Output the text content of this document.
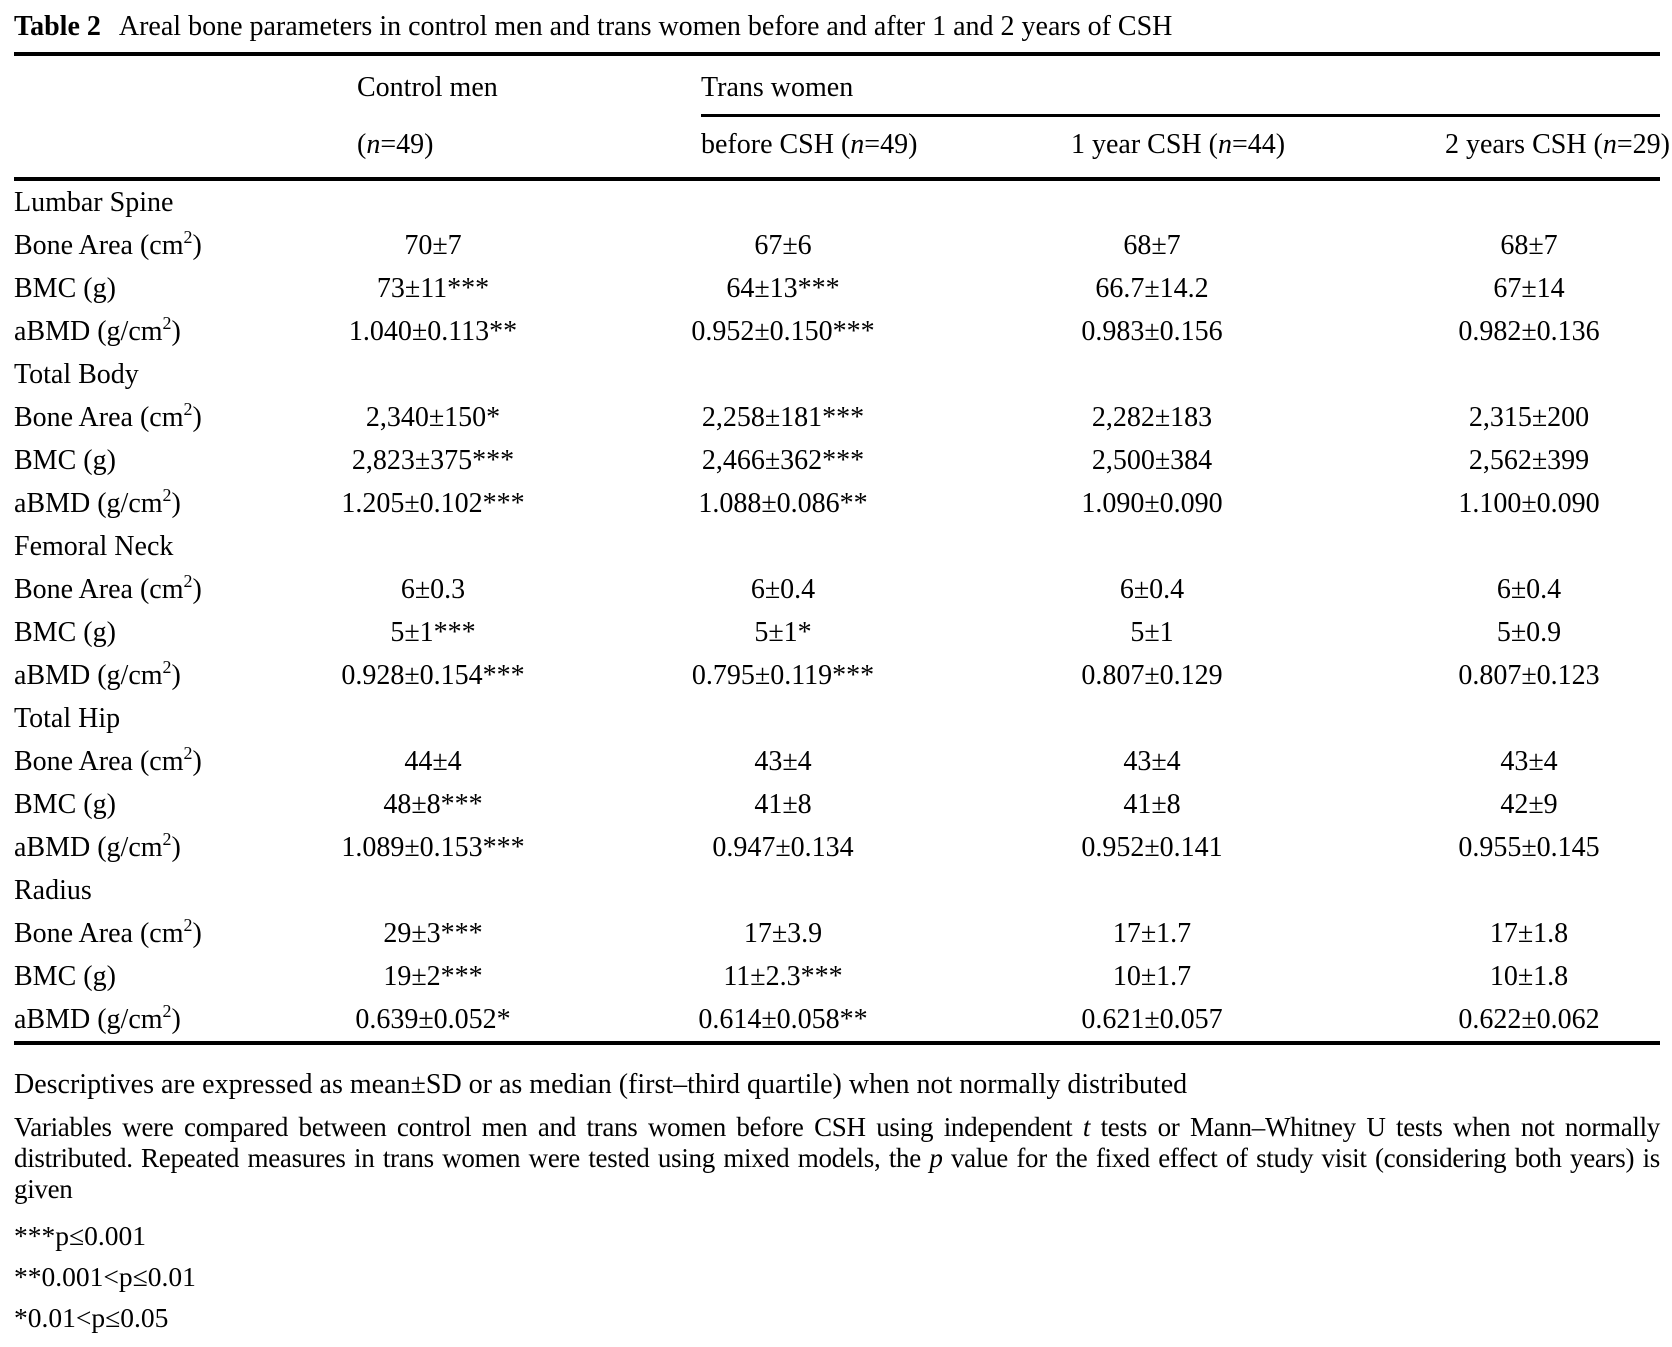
Table 2 Areal bone parameters in control men and trans women before and after 1 and 2 years of CSH
	Control men	Trans women		

	(n=49)	before CSH (n=49)	1 year CSH (n=44)	2 years CSH (n=29)
Lumbar Spine				
Bone Area $(cm^2)$	70±7	67±6	68±7	68±7
BMC (g)	73±11***	64±13***	66.7±14.2	67±14
aBMD $(g/cm^2)$	1.040±0.113**	0.952±0.150***	0.983±0.156	0.982±0.136
Total Body				
Bone Area $(cm^2)$	2,340±150*	2,258±181***	2,282±183	2,315±200
BMC (g)	2,823±375***	2,466±362***	2,500±384	2,562±399
aBMD $(g/cm^2)$	1.205±0.102***	1.088±0.086**	1.090±0.090	1.100±0.090
Femoral Neck				
Bone Area $(cm^2)$	6±0.3	6±0.4	6±0.4	6±0.4
BMC (g)	5±1***	5±1*	5±1	5±0.9
aBMD $(g/cm^2)$	0.928±0.154***	0.795±0.119***	0.807±0.129	0.807±0.123
Total Hip				
Bone Area $(cm^2)$	44±4	43±4	43±4	43±4
BMC (g)	48±8***	41±8	41±8	42±9
aBMD $(g/cm^2)$	1.089±0.153***	0.947±0.134	0.952±0.141	0.955±0.145
Radius				
Bone Area $(cm^2)$	29±3***	17±3.9	17±1.7	17±1.8
BMC (g)	19±2***	11±2.3***	10±1.7	10±1.8
aBMD $(g/cm^2)$	0.639±0.052*	0.614±0.058**	0.621±0.057	0.622±0.062
Descriptives are expressed as mean±SD or as median (first–third quartile) when not normally distributed
Variables were compared between control men and trans women before CSH using independent t tests or Mann–Whitney U tests when not normally distributed. Repeated measures in trans women were tested using mixed models, the p value for the fixed effect of study visit (considering both years) is given
***p≤0.001
**0.001<p≤0.01
*0.01<p≤0.05
